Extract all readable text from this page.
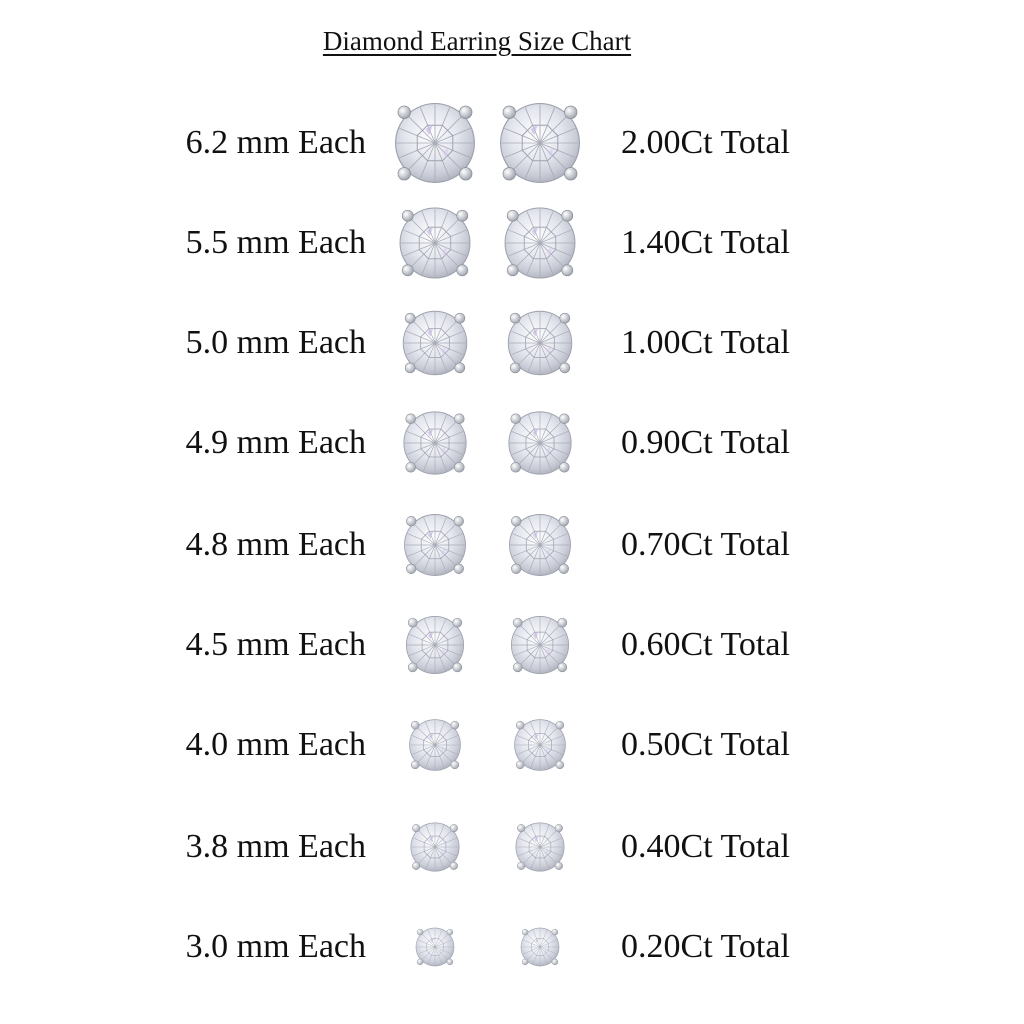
Diamond Earring Size Chart
6.2 mm Each	2.00Ct Total
5.5 mm Each	1.40Ct Total
5.0 mm Each	1.00Ct Total
4.9 mm Each	0.90Ct Total
4.8 mm Each	0.70Ct Total
4.5 mm Each	0.60Ct Total
4.0 mm Each	0.50Ct Total
3.8 mm Each	0.40Ct Total
3.0 mm Each	0.20Ct Total
